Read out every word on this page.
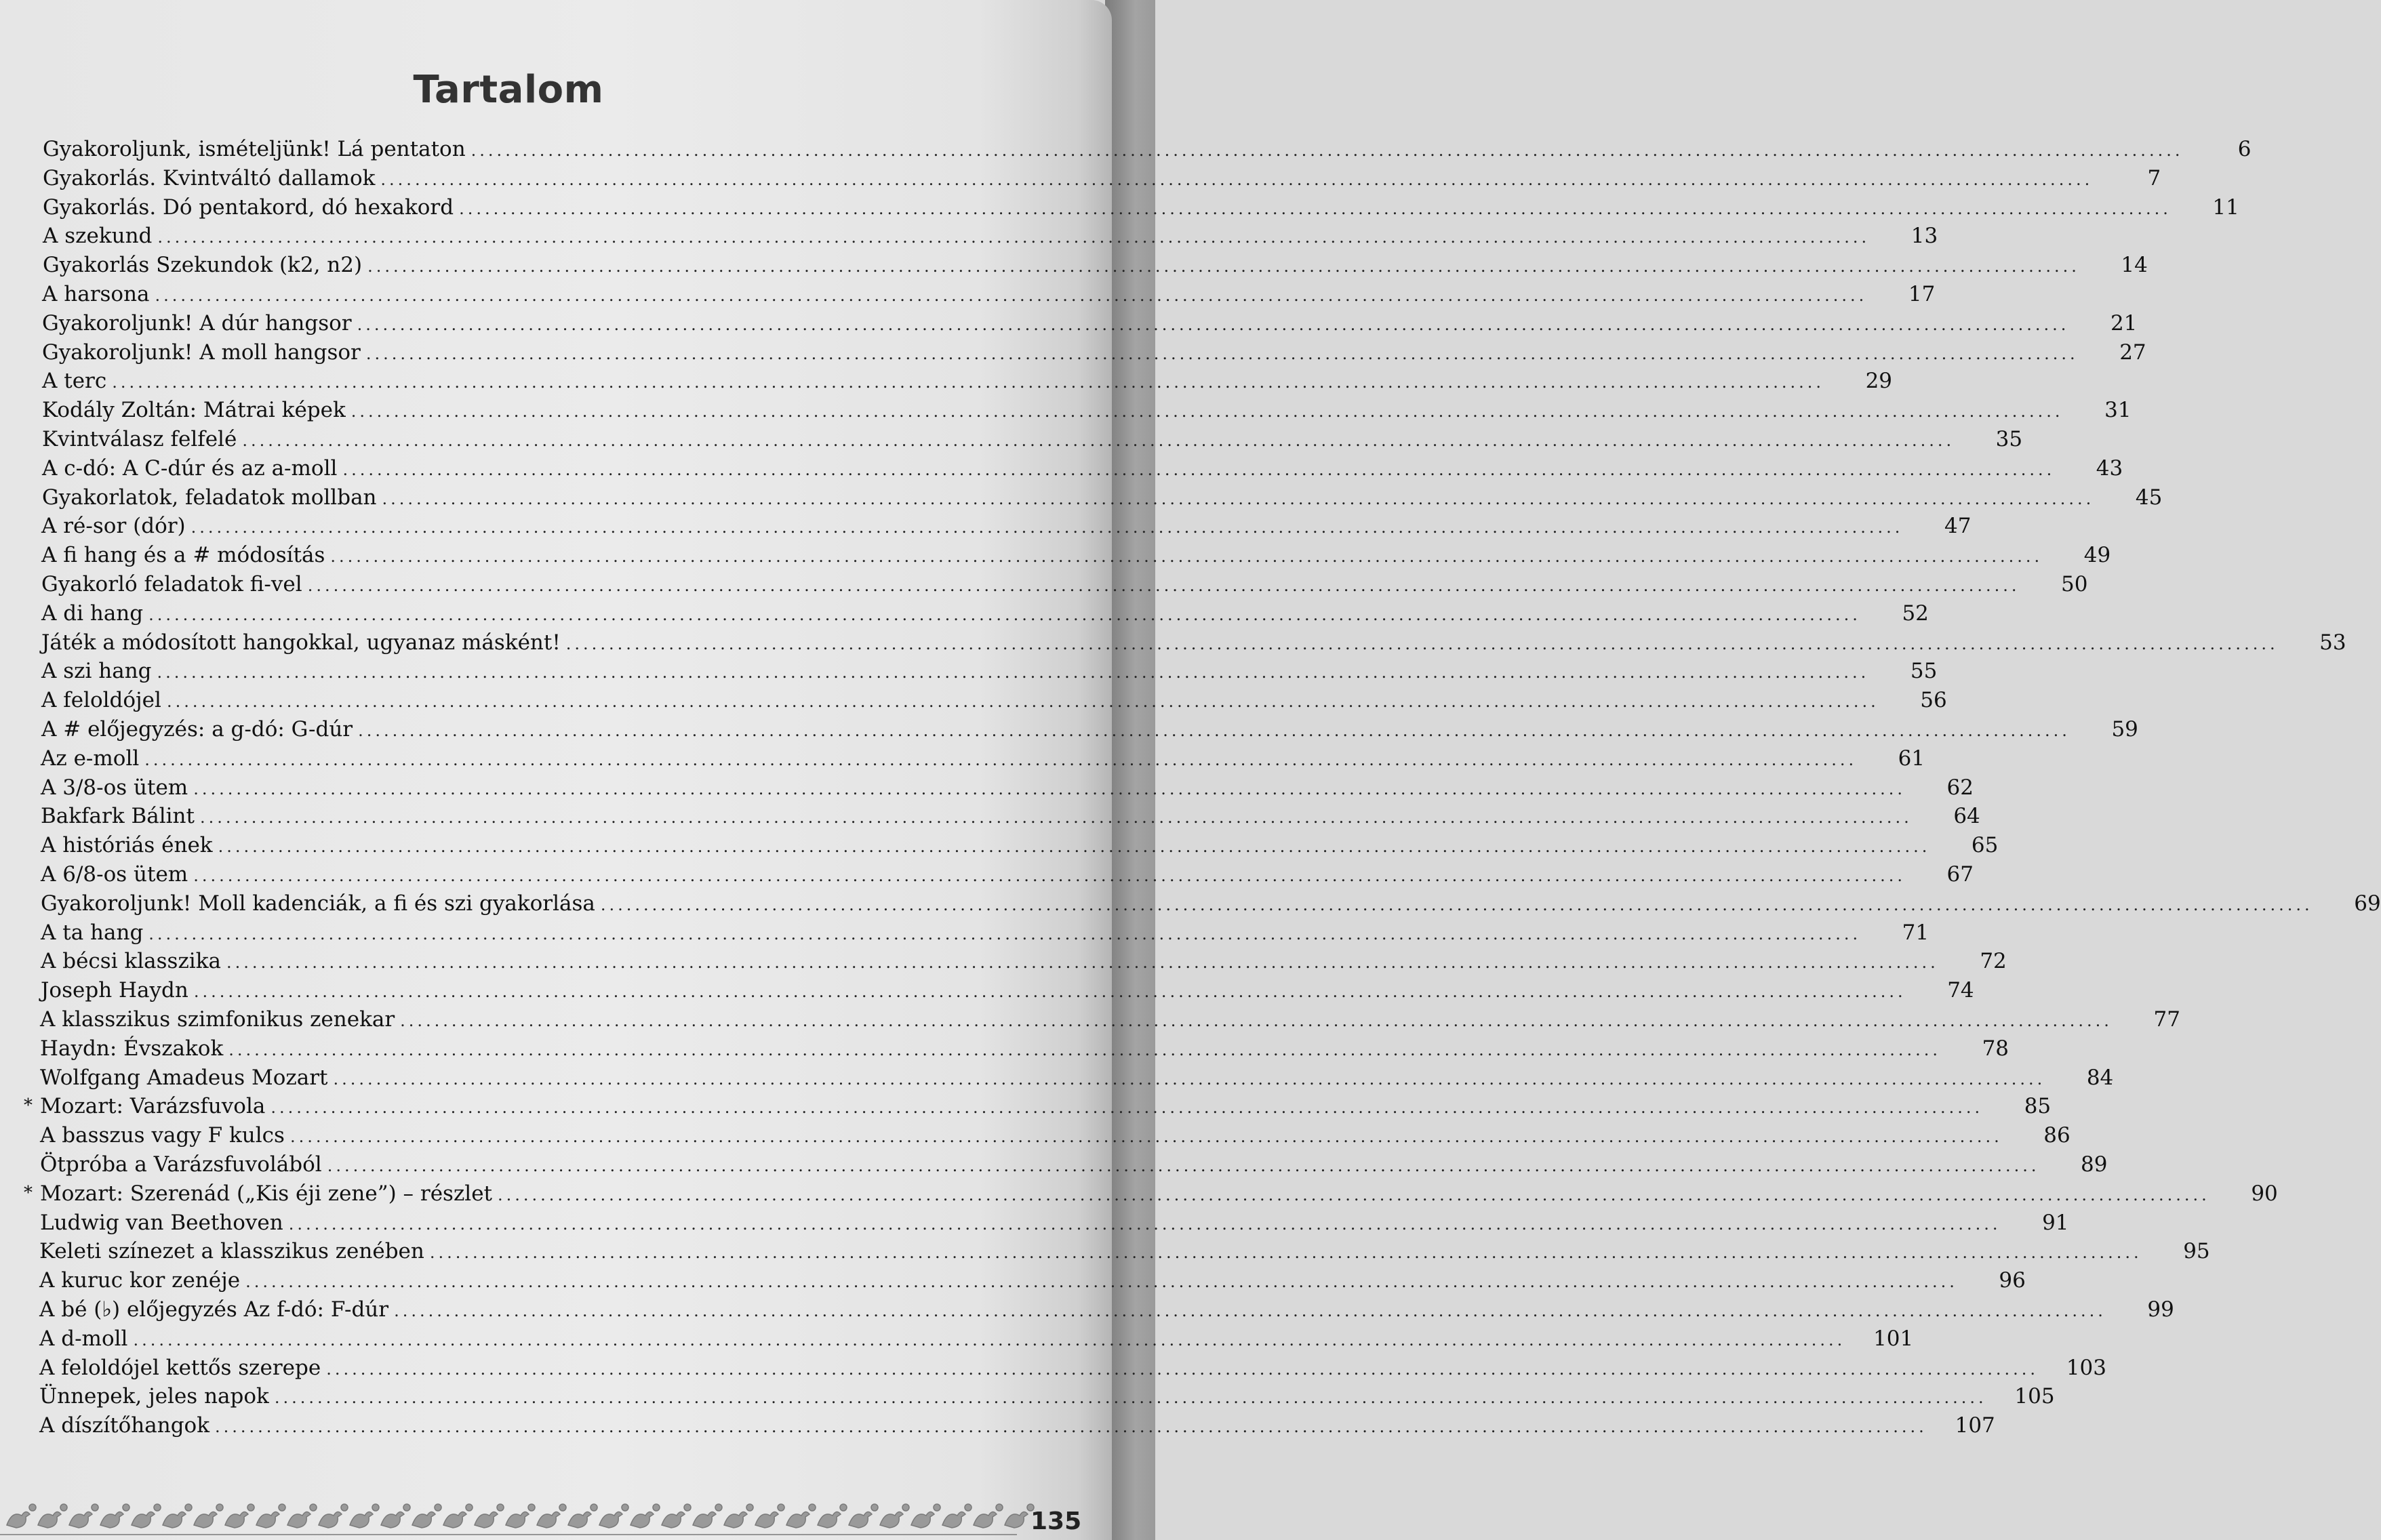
Tartalom
Gyakoroljunk, ismételjünk! Lá pentaton ........................................................................................................................................................................................................	6
Gyakorlás. Kvintváltó dallamok ........................................................................................................................................................................................................	7
Gyakorlás. Dó pentakord, dó hexakord ........................................................................................................................................................................................................	11
A szekund ........................................................................................................................................................................................................	13
Gyakorlás Szekundok (k2, n2) ........................................................................................................................................................................................................	14
A harsona ........................................................................................................................................................................................................	17
Gyakoroljunk! A dúr hangsor ........................................................................................................................................................................................................	21
Gyakoroljunk! A moll hangsor ........................................................................................................................................................................................................	27
A terc ........................................................................................................................................................................................................	29
Kodály Zoltán: Mátrai képek ........................................................................................................................................................................................................	31
Kvintválasz felfelé ........................................................................................................................................................................................................	35
A c-dó: A C-dúr és az a-moll ........................................................................................................................................................................................................	43
Gyakorlatok, feladatok mollban ........................................................................................................................................................................................................	45
A ré-sor (dór) ........................................................................................................................................................................................................	47
A fi hang és a # módosítás ........................................................................................................................................................................................................	49
Gyakorló feladatok fi-vel ........................................................................................................................................................................................................	50
A di hang ........................................................................................................................................................................................................	52
Játék a módosított hangokkal, ugyanaz másként! ........................................................................................................................................................................................................	53
A szi hang ........................................................................................................................................................................................................	55
A feloldójel ........................................................................................................................................................................................................	56
A # előjegyzés: a g-dó: G-dúr ........................................................................................................................................................................................................	59
Az e-moll ........................................................................................................................................................................................................	61
A 3/8-os ütem ........................................................................................................................................................................................................	62
Bakfark Bálint ........................................................................................................................................................................................................	64
A históriás ének ........................................................................................................................................................................................................	65
A 6/8-os ütem ........................................................................................................................................................................................................	67
Gyakoroljunk! Moll kadenciák, a fi és szi gyakorlása ........................................................................................................................................................................................................	69
A ta hang ........................................................................................................................................................................................................	71
A bécsi klasszika ........................................................................................................................................................................................................	72
Joseph Haydn ........................................................................................................................................................................................................	74
A klasszikus szimfonikus zenekar ........................................................................................................................................................................................................	77
Haydn: Évszakok ........................................................................................................................................................................................................	78
Wolfgang Amadeus Mozart ........................................................................................................................................................................................................	84
* Mozart: Varázsfuvola ........................................................................................................................................................................................................	85
A basszus vagy F kulcs ........................................................................................................................................................................................................	86
Ötpróba a Varázsfuvolából ........................................................................................................................................................................................................	89
* Mozart: Szerenád („Kis éji zene”) – részlet ........................................................................................................................................................................................................	90
Ludwig van Beethoven ........................................................................................................................................................................................................	91
Keleti színezet a klasszikus zenében ........................................................................................................................................................................................................	95
A kuruc kor zenéje ........................................................................................................................................................................................................	96
A bé (♭) előjegyzés Az f-dó: F-dúr ........................................................................................................................................................................................................	99
A d-moll ........................................................................................................................................................................................................	101
A feloldójel kettős szerepe ........................................................................................................................................................................................................	103
Ünnepek, jeles napok ........................................................................................................................................................................................................	105
A díszítőhangok ........................................................................................................................................................................................................	107
135
